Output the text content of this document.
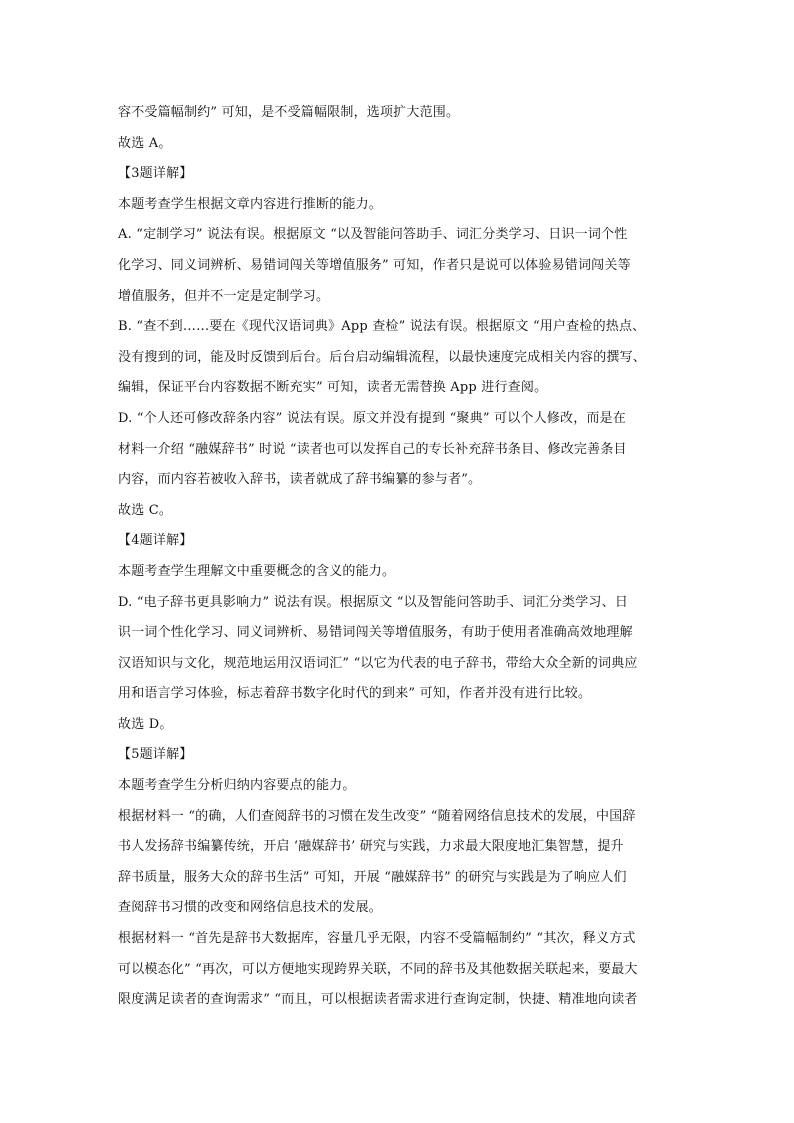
容不受篇幅制约” 可知，是不受篇幅限制，选项扩大范围。
故选 A。
【3题详解】
本题考查学生根据文章内容进行推断的能力。
A. “定制学习” 说法有误。根据原文 “以及智能问答助手、词汇分类学习、日识一词个性
化学习、同义词辨析、易错词闯关等增值服务” 可知，作者只是说可以体验易错词闯关等
增值服务，但并不一定是定制学习。
B. “查不到……要在《现代汉语词典》App 查检” 说法有误。根据原文 “用户查检的热点、
没有搜到的词，能及时反馈到后台。后台启动编辑流程，以最快速度完成相关内容的撰写、
编辑，保证平台内容数据不断充实” 可知，读者无需替换 App 进行查阅。
D. “个人还可修改辞条内容” 说法有误。原文并没有提到 “聚典” 可以个人修改，而是在
材料一介绍 “融媒辞书” 时说 “读者也可以发挥自己的专长补充辞书条目、修改完善条目
内容，而内容若被收入辞书，读者就成了辞书编纂的参与者”。
故选 C。
【4题详解】
本题考查学生理解文中重要概念的含义的能力。
D. “电子辞书更具影响力” 说法有误。根据原文 “以及智能问答助手、词汇分类学习、日
识一词个性化学习、同义词辨析、易错词闯关等增值服务，有助于使用者准确高效地理解
汉语知识与文化，规范地运用汉语词汇” “以它为代表的电子辞书，带给大众全新的词典应
用和语言学习体验，标志着辞书数字化时代的到来” 可知，作者并没有进行比较。
故选 D。
【5题详解】
本题考查学生分析归纳内容要点的能力。
根据材料一 “的确，人们查阅辞书的习惯在发生改变” “随着网络信息技术的发展，中国辞
书人发扬辞书编纂传统，开启 ‘融媒辞书’ 研究与实践，力求最大限度地汇集智慧，提升
辞书质量，服务大众的辞书生活” 可知，开展 “融媒辞书” 的研究与实践是为了响应人们
查阅辞书习惯的改变和网络信息技术的发展。
根据材料一 “首先是辞书大数据库，容量几乎无限，内容不受篇幅制约” “其次，释义方式
可以模态化” “再次，可以方便地实现跨界关联，不同的辞书及其他数据关联起来，要最大
限度满足读者的查询需求” “而且，可以根据读者需求进行查询定制，快捷、精准地向读者
